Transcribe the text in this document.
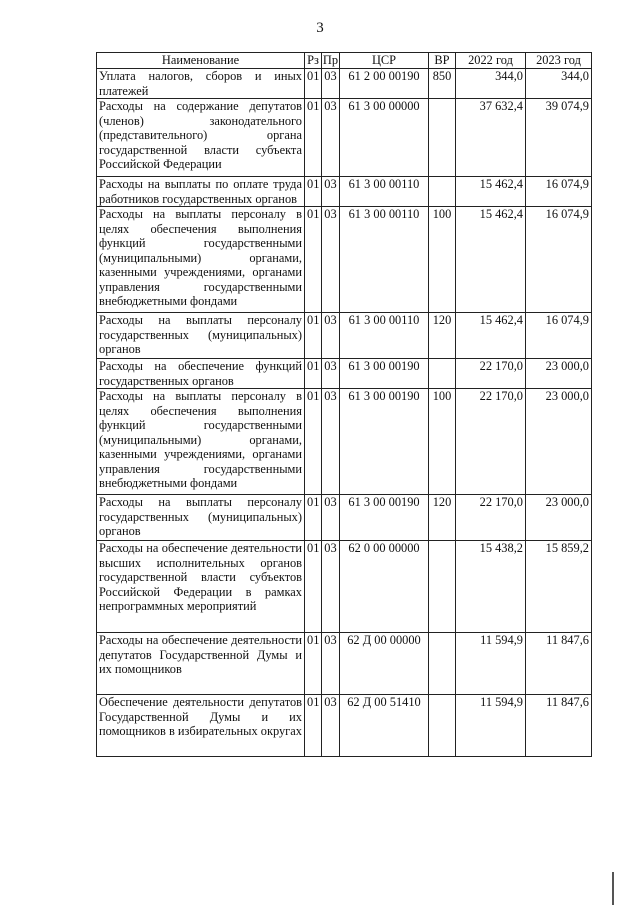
3
Наименование	Рз	Пр	ЦСР	ВР	2022 год	2023 год
Уплата налогов, сборов и иных платежей	01	03	61 2 00 00190	850	344,0	344,0
Расходы на содержание депутатов (членов) законодательного (представительного) органа государственной власти субъекта Российской Федерации	01	03	61 3 00 00000		37 632,4	39 074,9
Расходы на выплаты по оплате труда работников государственных органов	01	03	61 3 00 00110		15 462,4	16 074,9
Расходы на выплаты персоналу в целях обеспечения выполнения функций государственными (муниципальными) органами, казенными учреждениями, органами управления государственными внебюджетными фондами	01	03	61 3 00 00110	100	15 462,4	16 074,9
Расходы на выплаты персоналу государственных (муниципальных) органов	01	03	61 3 00 00110	120	15 462,4	16 074,9
Расходы на обеспечение функций государственных органов	01	03	61 3 00 00190		22 170,0	23 000,0
Расходы на выплаты персоналу в целях обеспечения выполнения функций государственными (муниципальными) органами, казенными учреждениями, органами управления государственными внебюджетными фондами	01	03	61 3 00 00190	100	22 170,0	23 000,0
Расходы на выплаты персоналу государственных (муниципальных) органов	01	03	61 3 00 00190	120	22 170,0	23 000,0
Расходы на обеспечение деятельности высших исполнительных органов государственной власти субъектов Российской Федерации в рамках непрограммных мероприятий	01	03	62 0 00 00000		15 438,2	15 859,2
Расходы на обеспечение деятельности депутатов Государственной Думы и их помощников	01	03	62 Д 00 00000		11 594,9	11 847,6
Обеспечение деятельности депутатов Государственной Думы и их помощников в избирательных округах	01	03	62 Д 00 51410		11 594,9	11 847,6
